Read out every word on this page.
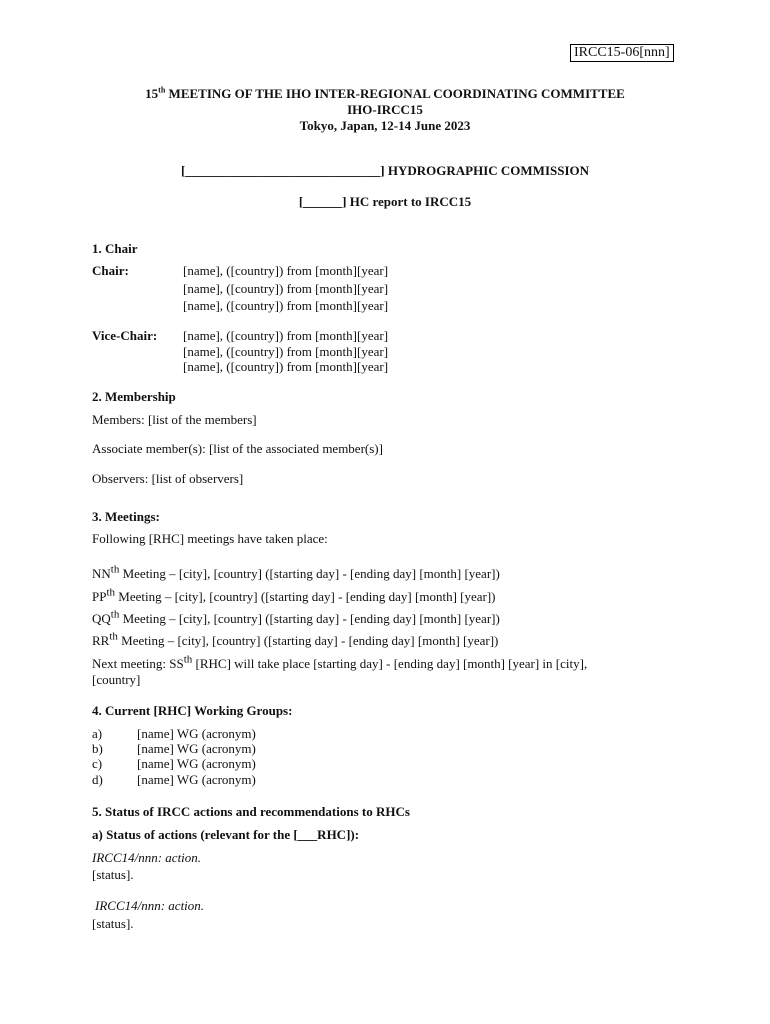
IRCC15-06[nnn]
15th MEETING OF THE IHO INTER-REGIONAL COORDINATING COMMITTEE
IHO-IRCC15
Tokyo, Japan, 12-14 June 2023
[______________________________] HYDROGRAPHIC COMMISSION
[______] HC report to IRCC15
1. Chair
Chair:	[name], ([country]) from [month][year]
[name], ([country]) from [month][year]
[name], ([country]) from [month][year]
Vice-Chair: [name], ([country]) from [month][year]
[name], ([country]) from [month][year]
[name], ([country]) from [month][year]
2. Membership
Members: [list of the members]
Associate member(s): [list of the associated member(s)]
Observers: [list of observers]
3. Meetings:
Following [RHC] meetings have taken place:
$NN^{th}$ Meeting – [city], [country] ([starting day] - [ending day] [month] [year])
$PP^{th}$ Meeting – [city], [country] ([starting day] - [ending day] [month] [year])
$QQ^{th}$ Meeting – [city], [country] ([starting day] - [ending day] [month] [year])
$RR^{th}$ Meeting – [city], [country] ([starting day] - [ending day] [month] [year])
Next meeting: $SS^{th}$ [RHC] will take place [starting day] - [ending day] [month] [year] in [city],
[country]
4. Current [RHC] Working Groups:
a)	[name] WG (acronym)
b)	[name] WG (acronym)
c)	[name] WG (acronym)
d)	[name] WG (acronym)
5. Status of IRCC actions and recommendations to RHCs
a) Status of actions (relevant for the [___RHC]):
IRCC14/nnn: action.
[status].
IRCC14/nnn: action.
[status].
